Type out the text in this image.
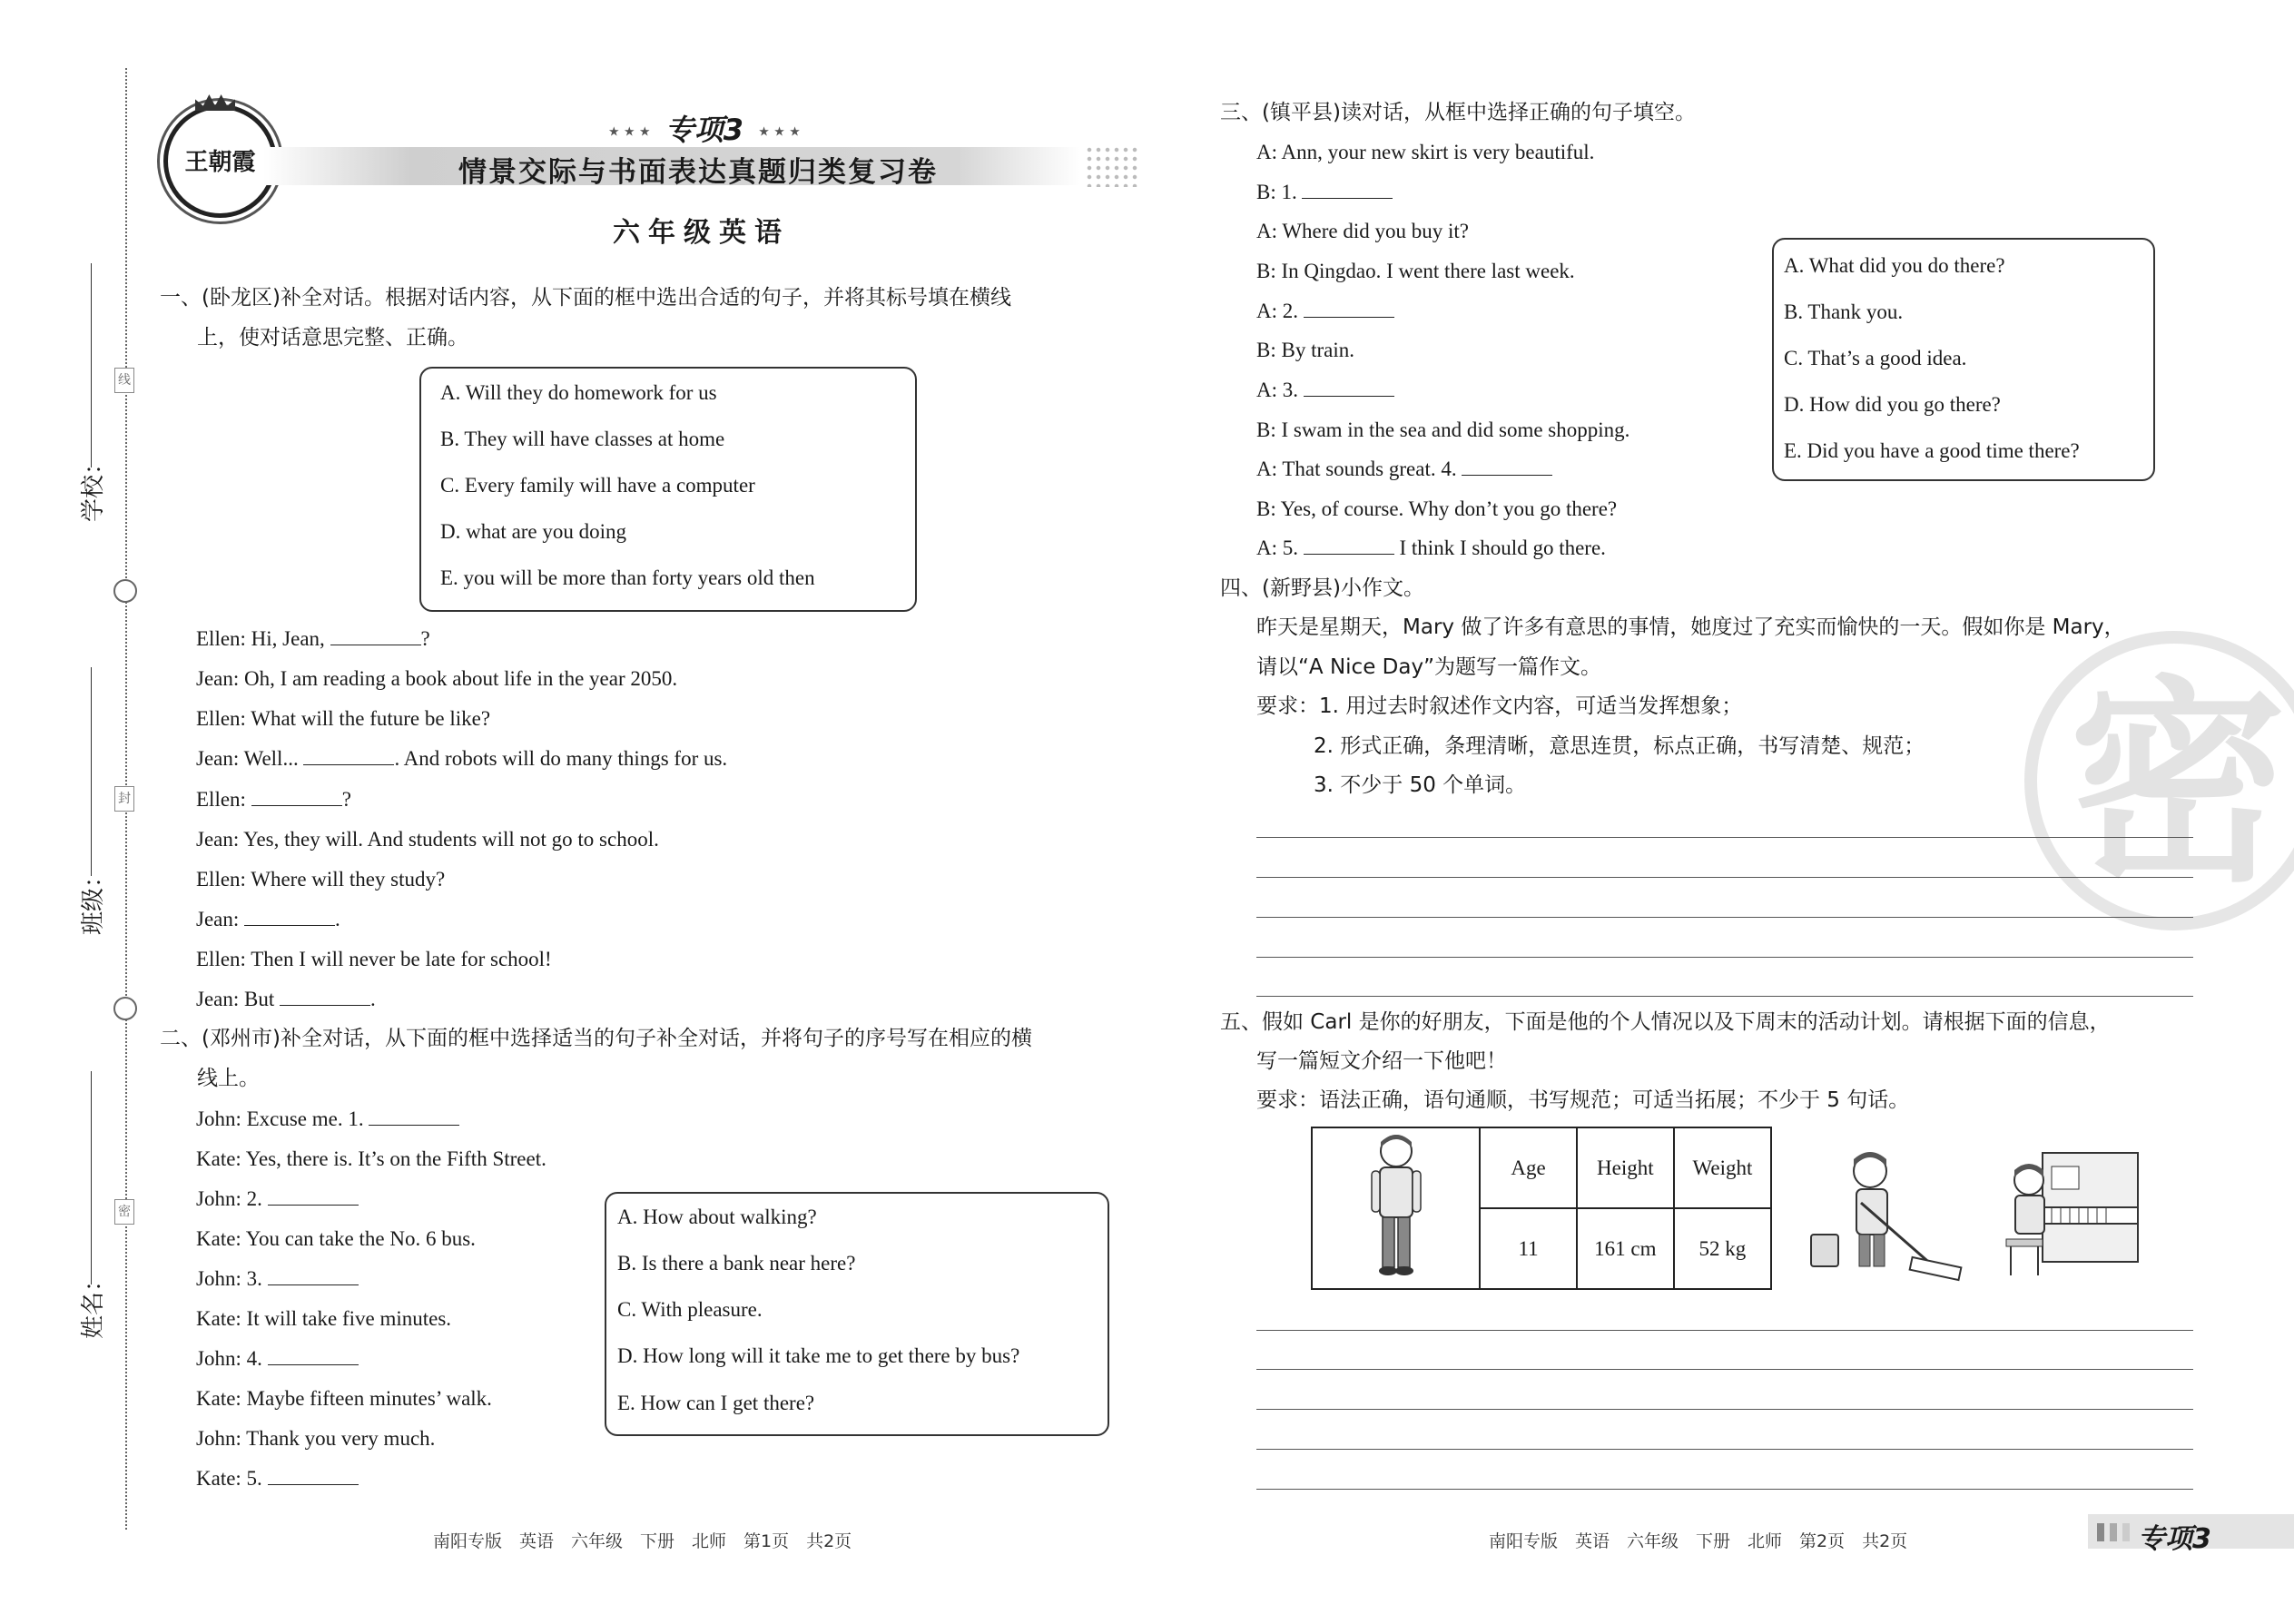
学校：
班级：
姓名：
线
封
密
王朝霞
★ ★ ★ 专项3 ★ ★ ★
情景交际与书面表达真题归类复习卷
六年级英语
一、(卧龙区)补全对话。根据对话内容，从下面的框中选出合适的句子，并将其标号填在横线
上，使对话意思完整、正确。
A. Will they do homework for us
B. They will have classes at home
C. Every family will have a computer
D. what are you doing
E. you will be more than forty years old then
Ellen: Hi, Jean,	?
Jean: Oh, I am reading a book about life in the year 2050.
Ellen: What will the future be like?
Jean: Well...	. And robots will do many things for us.
Ellen:	?
Jean: Yes, they will. And students will not go to school.
Ellen: Where will they study?
Jean:	.
Ellen: Then I will never be late for school!
Jean: But	.
二、(邓州市)补全对话，从下面的框中选择适当的句子补全对话，并将句子的序号写在相应的横
线上。
John: Excuse me. 1.
Kate: Yes, there is. It’s on the Fifth Street.
John: 2.
Kate: You can take the No. 6 bus.
John: 3.
Kate: It will take five minutes.
John: 4.
Kate: Maybe fifteen minutes’ walk.
John: Thank you very much.
Kate: 5.
A. How about walking?
B. Is there a bank near here?
C. With pleasure.
D. How long will it take me to get there by bus?
E. How can I get there?
南阳专版　英语　六年级　下册　北师　第1页　共2页
密
三、(镇平县)读对话，从框中选择正确的句子填空。
A: Ann, your new skirt is very beautiful.
B: 1.
A: Where did you buy it?
B: In Qingdao. I went there last week.
A: 2.
B: By train.
A: 3.
B: I swam in the sea and did some shopping.
A: That sounds great. 4.
B: Yes, of course. Why don’t you go there?
A: 5.	I think I should go there.
A. What did you do there?
B. Thank you.
C. That’s a good idea.
D. How did you go there?
E. Did you have a good time there?
四、(新野县)小作文。
昨天是星期天，Mary 做了许多有意思的事情，她度过了充实而愉快的一天。假如你是 Mary，
请以“A Nice Day”为题写一篇作文。
要求：1. 用过去时叙述作文内容，可适当发挥想象；
2. 形式正确，条理清晰，意思连贯，标点正确，书写清楚、规范；
3. 不少于 50 个单词。
五、假如 Carl 是你的好朋友，下面是他的个人情况以及下周末的活动计划。请根据下面的信息，
写一篇短文介绍一下他吧！
要求：语法正确，语句通顺，书写规范；可适当拓展；不少于 5 句话。
	Age	Height	Weight
	11	161 cm	52 kg
南阳专版　英语　六年级　下册　北师　第2页　共2页	专项3
